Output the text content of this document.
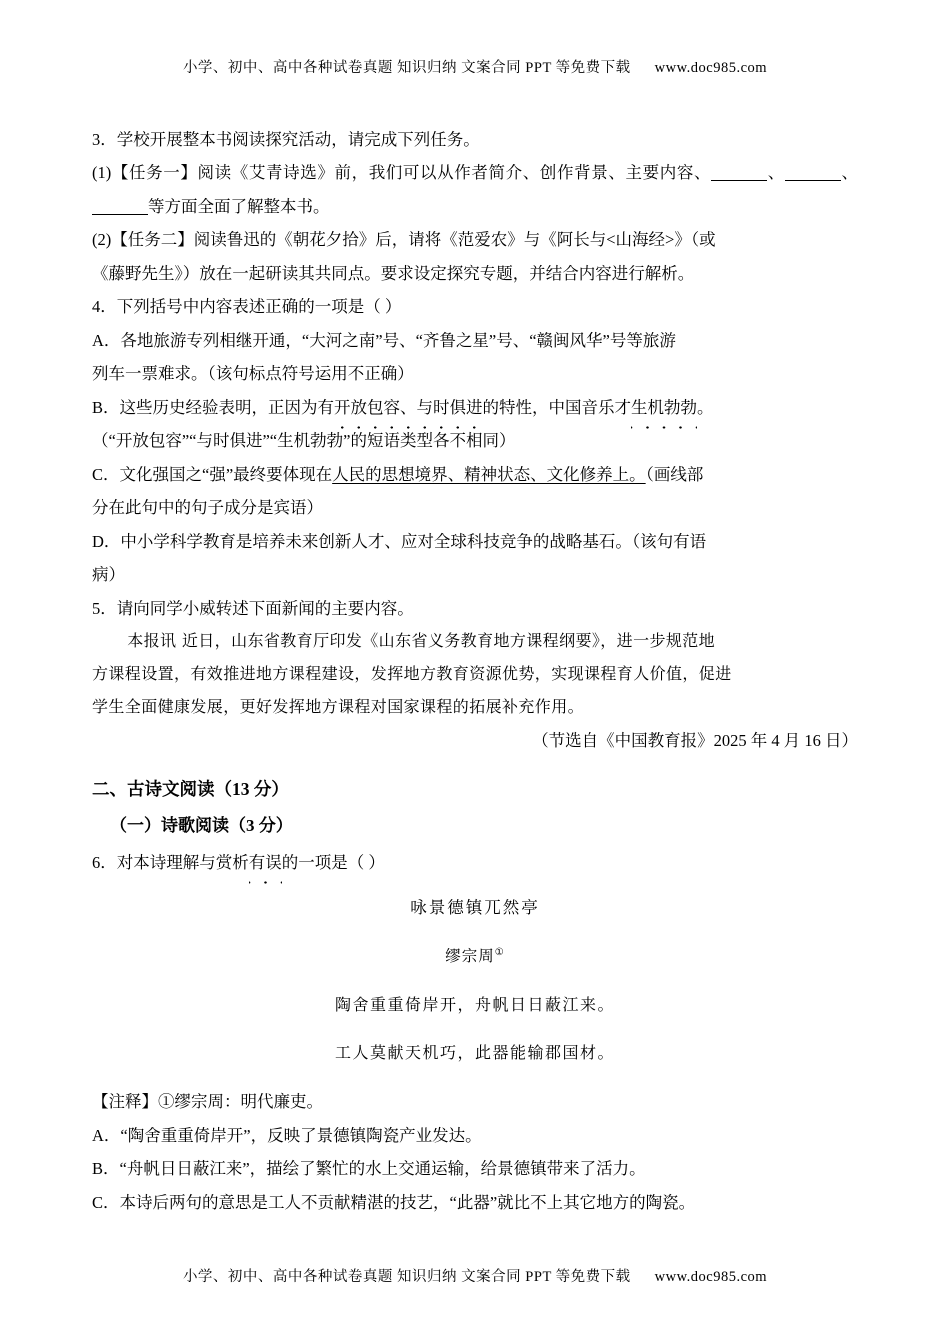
小学、初中、高中各种试卷真题 知识归纳 文案合同 PPT 等免费下载 www.doc985.com

3．学校开展整本书阅读探究活动，请完成下列任务。

(1)【任务一】阅读《艾青诗选》前，我们可以从作者简介、创作背景、主要内容、	、	、等方面全面了解整本书。

(2)【任务二】阅读鲁迅的《朝花夕拾》后，请将《范爱农》与《阿长与<山海经>》（或

《藤野先生》）放在一起研读其共同点。要求设定探究专题，并结合内容进行解析。

4．下列括号中内容表述正确的一项是（ ）

A．各地旅游专列相继开通，“大河之南”号、“齐鲁之星”号、“赣闽风华”号等旅游

列车一票难求。（该句标点符号运用不正确）

B．这些历史经验表明，正因为有开放包容、与时俱进的特性，中国音乐才生机勃勃。

（“开放包容”“与时俱进”“生机勃勃”的短语类型各不相同）

C．文化强国之“强”最终要体现在人民的思想境界、精神状态、文化修养上。（画线部

分在此句中的句子成分是宾语）

D．中小学科学教育是培养未来创新人才、应对全球科技竞争的战略基石。（该句有语

病）

5．请向同学小威转述下面新闻的主要内容。

本报讯 近日，山东省教育厅印发《山东省义务教育地方课程纲要》，进一步规范地

方课程设置，有效推进地方课程建设，发挥地方教育资源优势，实现课程育人价值，促进

学生全面健康发展，更好发挥地方课程对国家课程的拓展补充作用。

（节选自《中国教育报》2025 年 4 月 16 日）

二、古诗文阅读（13 分）

（一）诗歌阅读（3 分）

6．对本诗理解与赏析有误的一项是（ ）

咏景德镇兀然亭

缪宗周①

陶舍重重倚岸开，舟帆日日蔽江来。

工人莫献天机巧，此器能输郡国材。

【注释】①缪宗周：明代廉吏。

A．“陶舍重重倚岸开”，反映了景德镇陶瓷产业发达。

B．“舟帆日日蔽江来”，描绘了繁忙的水上交通运输，给景德镇带来了活力。

C．本诗后两句的意思是工人不贡献精湛的技艺，“此器”就比不上其它地方的陶瓷。

小学、初中、高中各种试卷真题 知识归纳 文案合同 PPT 等免费下载 www.doc985.com
